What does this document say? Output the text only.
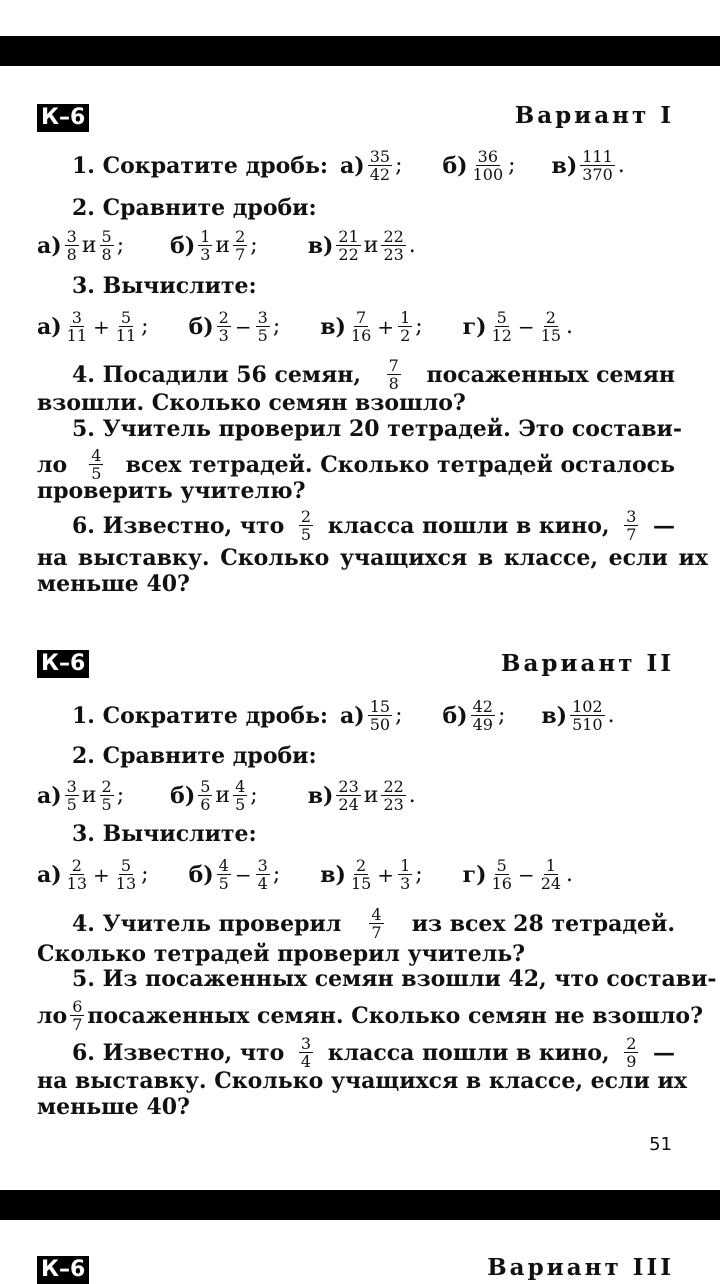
К–6	Вариант I
1. Сократите дробь: а) 35
42 ; б) 36
100 ; в) 111
370 .
2. Сравните дроби:
а) 3
8 и 5
8 ; б) 1
3 и 2
7 ; в) 21
22 и 22
23 .
3. Вычислите:
а) 3
$11 + \frac{5}{11}$ ; б) 2
$3 - \frac{3}{5}$ ; в) 7
$16 + \frac{1}{2}$ ; г) 5
$12 - \frac{2}{15}$ .
4. Посадили 56 семян, 7
8 посаженных семян
взошли. Сколько семян взошло?
5. Учитель проверил 20 тетрадей. Это состави-
ло 4
5 всех тетрадей. Сколько тетрадей осталось
проверить учителю?
6. Известно, что 2
5 класса пошли в кино, 3
7 —
на выставку. Сколько учащихся в классе, если их
меньше 40?
К–6	Вариант II
1. Сократите дробь: а) 15
50 ; б) 42
49 ; в) 102
510 .
2. Сравните дроби:
а) 3
5 и 2
5 ; б) 5
6 и 4
5 ; в) 23
24 и 22
23 .
3. Вычислите:
а) 2
$13 + \frac{5}{13}$ ; б) 4
$5 - \frac{3}{4}$ ; в) 2
$15 + \frac{1}{3}$ ; г) 5
$16 - \frac{1}{24}$ .
4. Учитель проверил 4
7 из всех 28 тетрадей.
Сколько тетрадей проверил учитель?
5. Из посаженных семян взошли 42, что состави-
ло 6
7 посаженных семян. Сколько семян не взошло?
6. Известно, что 3
4 класса пошли в кино, 2
9 —
на выставку. Сколько учащихся в классе, если их
меньше 40?
51
К–6	Вариант III
